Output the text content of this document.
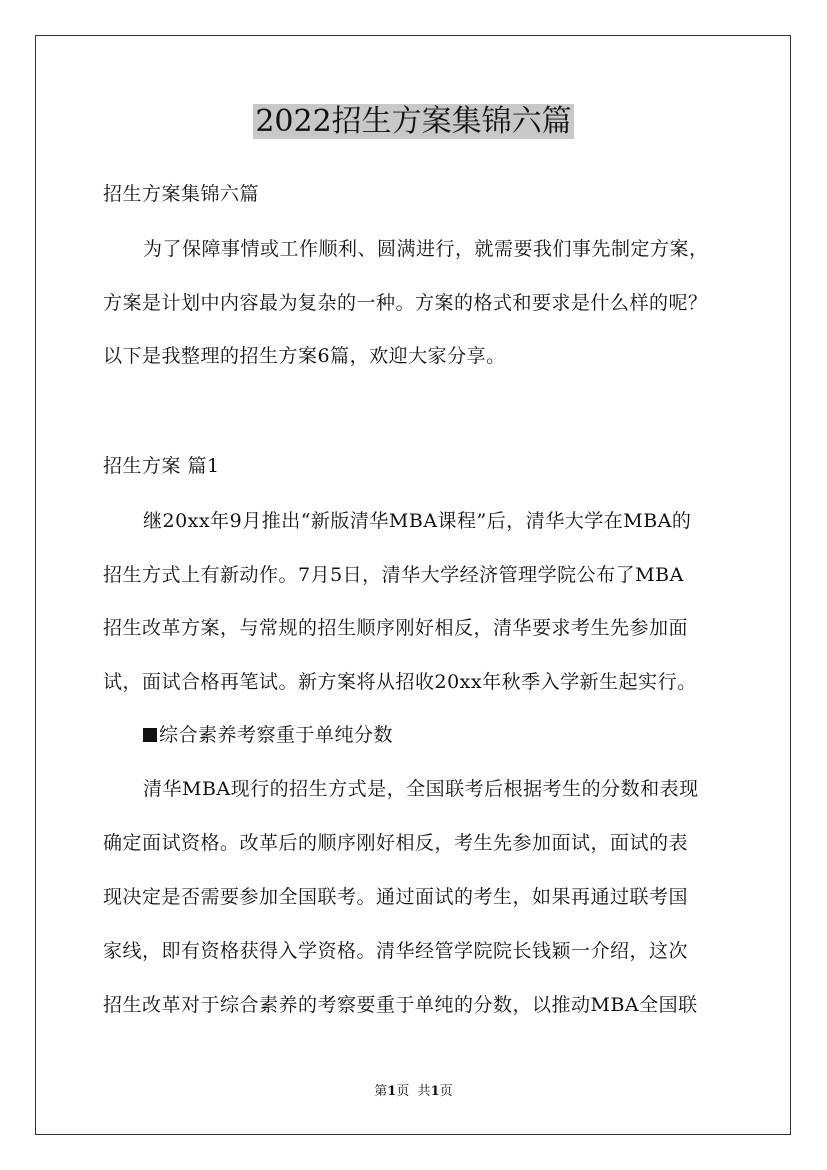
2022招生方案集锦六篇

招生方案集锦六篇

为了保障事情或工作顺利、圆满进行，就需要我们事先制定方案，

方案是计划中内容最为复杂的一种。方案的格式和要求是什么样的呢？

以下是我整理的招生方案6篇，欢迎大家分享。

招生方案 篇1

继20xx年9月推出“新版清华MBA课程”后，清华大学在MBA的

招生方式上有新动作。7月5日，清华大学经济管理学院公布了MBA

招生改革方案，与常规的招生顺序刚好相反，清华要求考生先参加面

试，面试合格再笔试。新方案将从招收20xx年秋季入学新生起实行。

综合素养考察重于单纯分数

清华MBA现行的招生方式是，全国联考后根据考生的分数和表现

确定面试资格。改革后的顺序刚好相反，考生先参加面试，面试的表

现决定是否需要参加全国联考。通过面试的考生，如果再通过联考国

家线，即有资格获得入学资格。清华经管学院院长钱颖一介绍，这次

招生改革对于综合素养的考察要重于单纯的分数，以推动MBA全国联

第1页 共1页
